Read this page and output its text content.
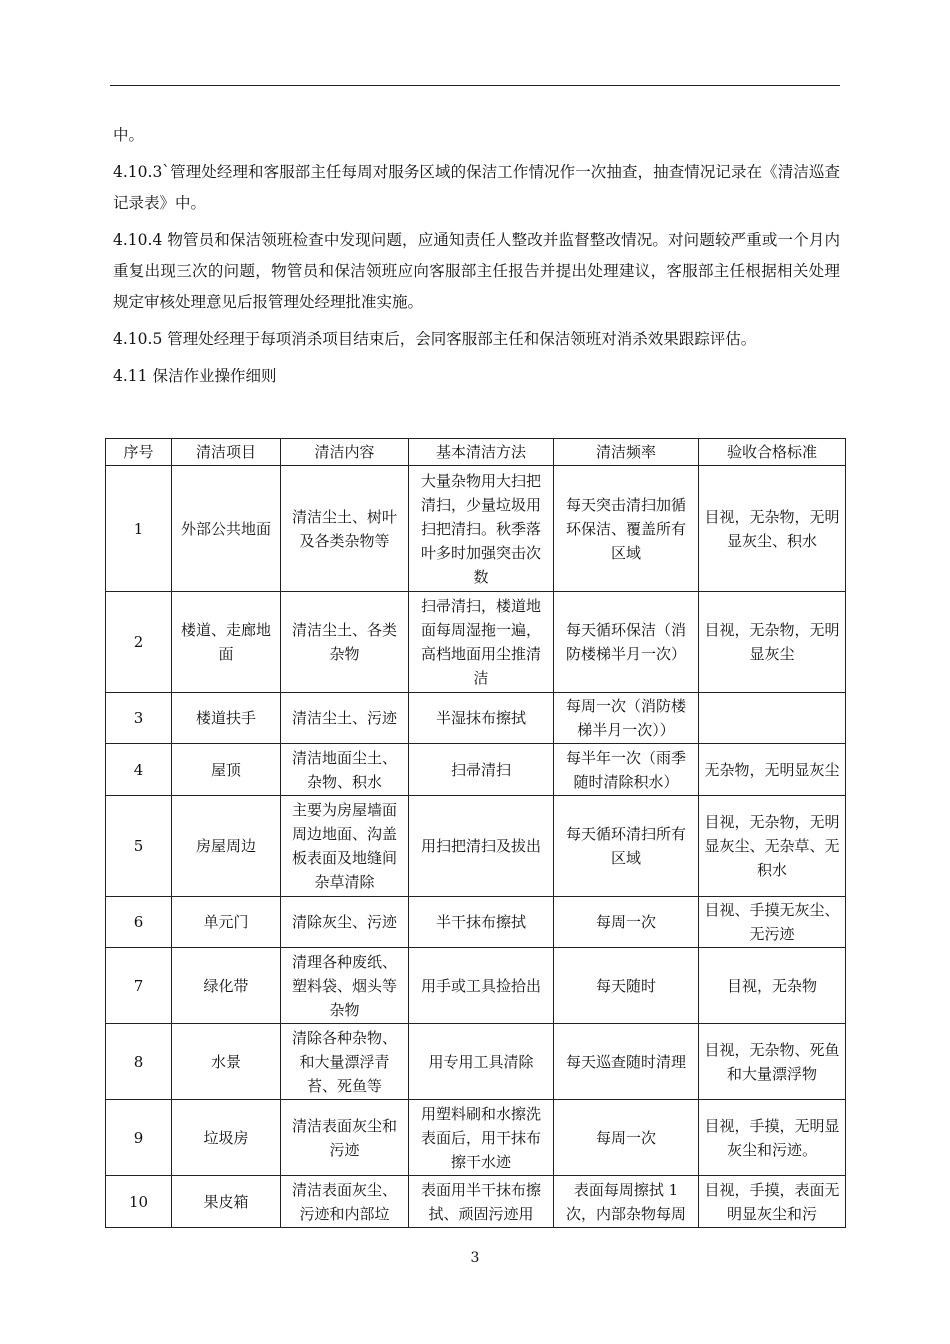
中。

4.10.3`管理处经理和客服部主任每周对服务区域的保洁工作情况作一次抽查，抽查情况记录在《清洁巡查记录表》中。

4.10.4 物管员和保洁领班检查中发现问题，应通知责任人整改并监督整改情况。对问题较严重或一个月内重复出现三次的问题，物管员和保洁领班应向客服部主任报告并提出处理建议，客服部主任根据相关处理规定审核处理意见后报管理处经理批准实施。

4.10.5 管理处经理于每项消杀项目结束后，会同客服部主任和保洁领班对消杀效果跟踪评估。

4.11 保洁作业操作细则

序号	清洁项目	清洁内容	基本清洁方法	清洁频率	验收合格标准
1	外部公共地面	清洁尘土、树叶及各类杂物等	大量杂物用大扫把清扫，少量垃圾用扫把清扫。秋季落叶多时加强突击次数	每天突击清扫加循环保洁、覆盖所有区域	目视，无杂物，无明显灰尘、积水
2	楼道、走廊地面	清洁尘土、各类杂物	扫帚清扫，楼道地面每周湿拖一遍，高档地面用尘推清洁	每天循环保洁（消防楼梯半月一次）	目视，无杂物，无明显灰尘
3	楼道扶手	清洁尘土、污迹	半湿抹布擦拭	每周一次（消防楼梯半月一次））	
4	屋顶	清洁地面尘土、杂物、积水	扫帚清扫	每半年一次（雨季随时清除积水）	无杂物，无明显灰尘
5	房屋周边	主要为房屋墙面周边地面、沟盖板表面及地缝间杂草清除	用扫把清扫及拔出	每天循环清扫所有区域	目视，无杂物，无明显灰尘、无杂草、无积水
6	单元门	清除灰尘、污迹	半干抹布擦拭	每周一次	目视、手摸无灰尘、无污迹
7	绿化带	清理各种废纸、塑料袋、烟头等杂物	用手或工具捡拾出	每天随时	目视，无杂物
8	水景	清除各种杂物、和大量漂浮青苔、死鱼等	用专用工具清除	每天巡查随时清理	目视，无杂物、死鱼和大量漂浮物
9	垃圾房	清洁表面灰尘和污迹	用塑料刷和水擦洗表面后，用干抹布擦干水迹	每周一次	目视，手摸，无明显灰尘和污迹。
10	果皮箱	清洁表面灰尘、污迹和内部垃	表面用半干抹布擦拭、顽固污迹用	表面每周擦拭 1 次，内部杂物每周	目视，手摸，表面无明显灰尘和污
3
